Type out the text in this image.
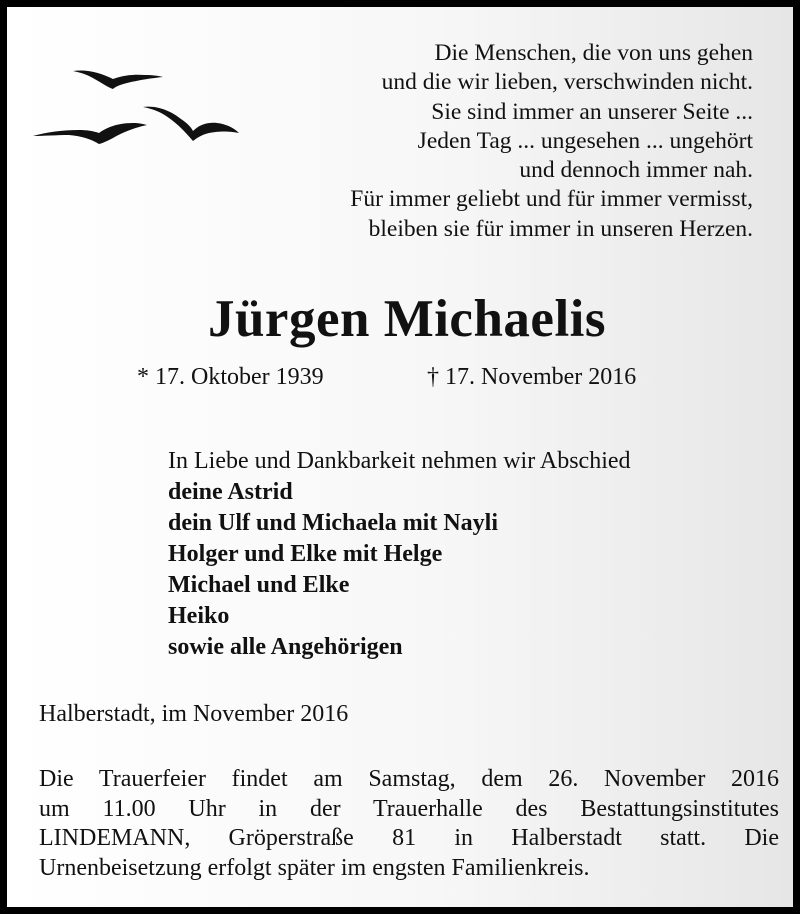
Die Menschen, die von uns gehen
und die wir lieben, verschwinden nicht.
Sie sind immer an unserer Seite ...
Jeden Tag ... ungesehen ... ungehört
und dennoch immer nah.
Für immer geliebt und für immer vermisst,
bleiben sie für immer in unseren Herzen.
Jürgen Michaelis
* 17. Oktober 1939	† 17. November 2016
In Liebe und Dankbarkeit nehmen wir Abschied
deine Astrid
dein Ulf und Michaela mit Nayli
Holger und Elke mit Helge
Michael und Elke
Heiko
sowie alle Angehörigen
Halberstadt, im November 2016
Die Trauerfeier findet am Samstag, dem 26. November 2016
um 11.00 Uhr in der Trauerhalle des Bestattungsinstitutes
LINDEMANN, Gröperstraße 81 in Halberstadt statt. Die
Urnenbeisetzung erfolgt später im engsten Familienkreis.
